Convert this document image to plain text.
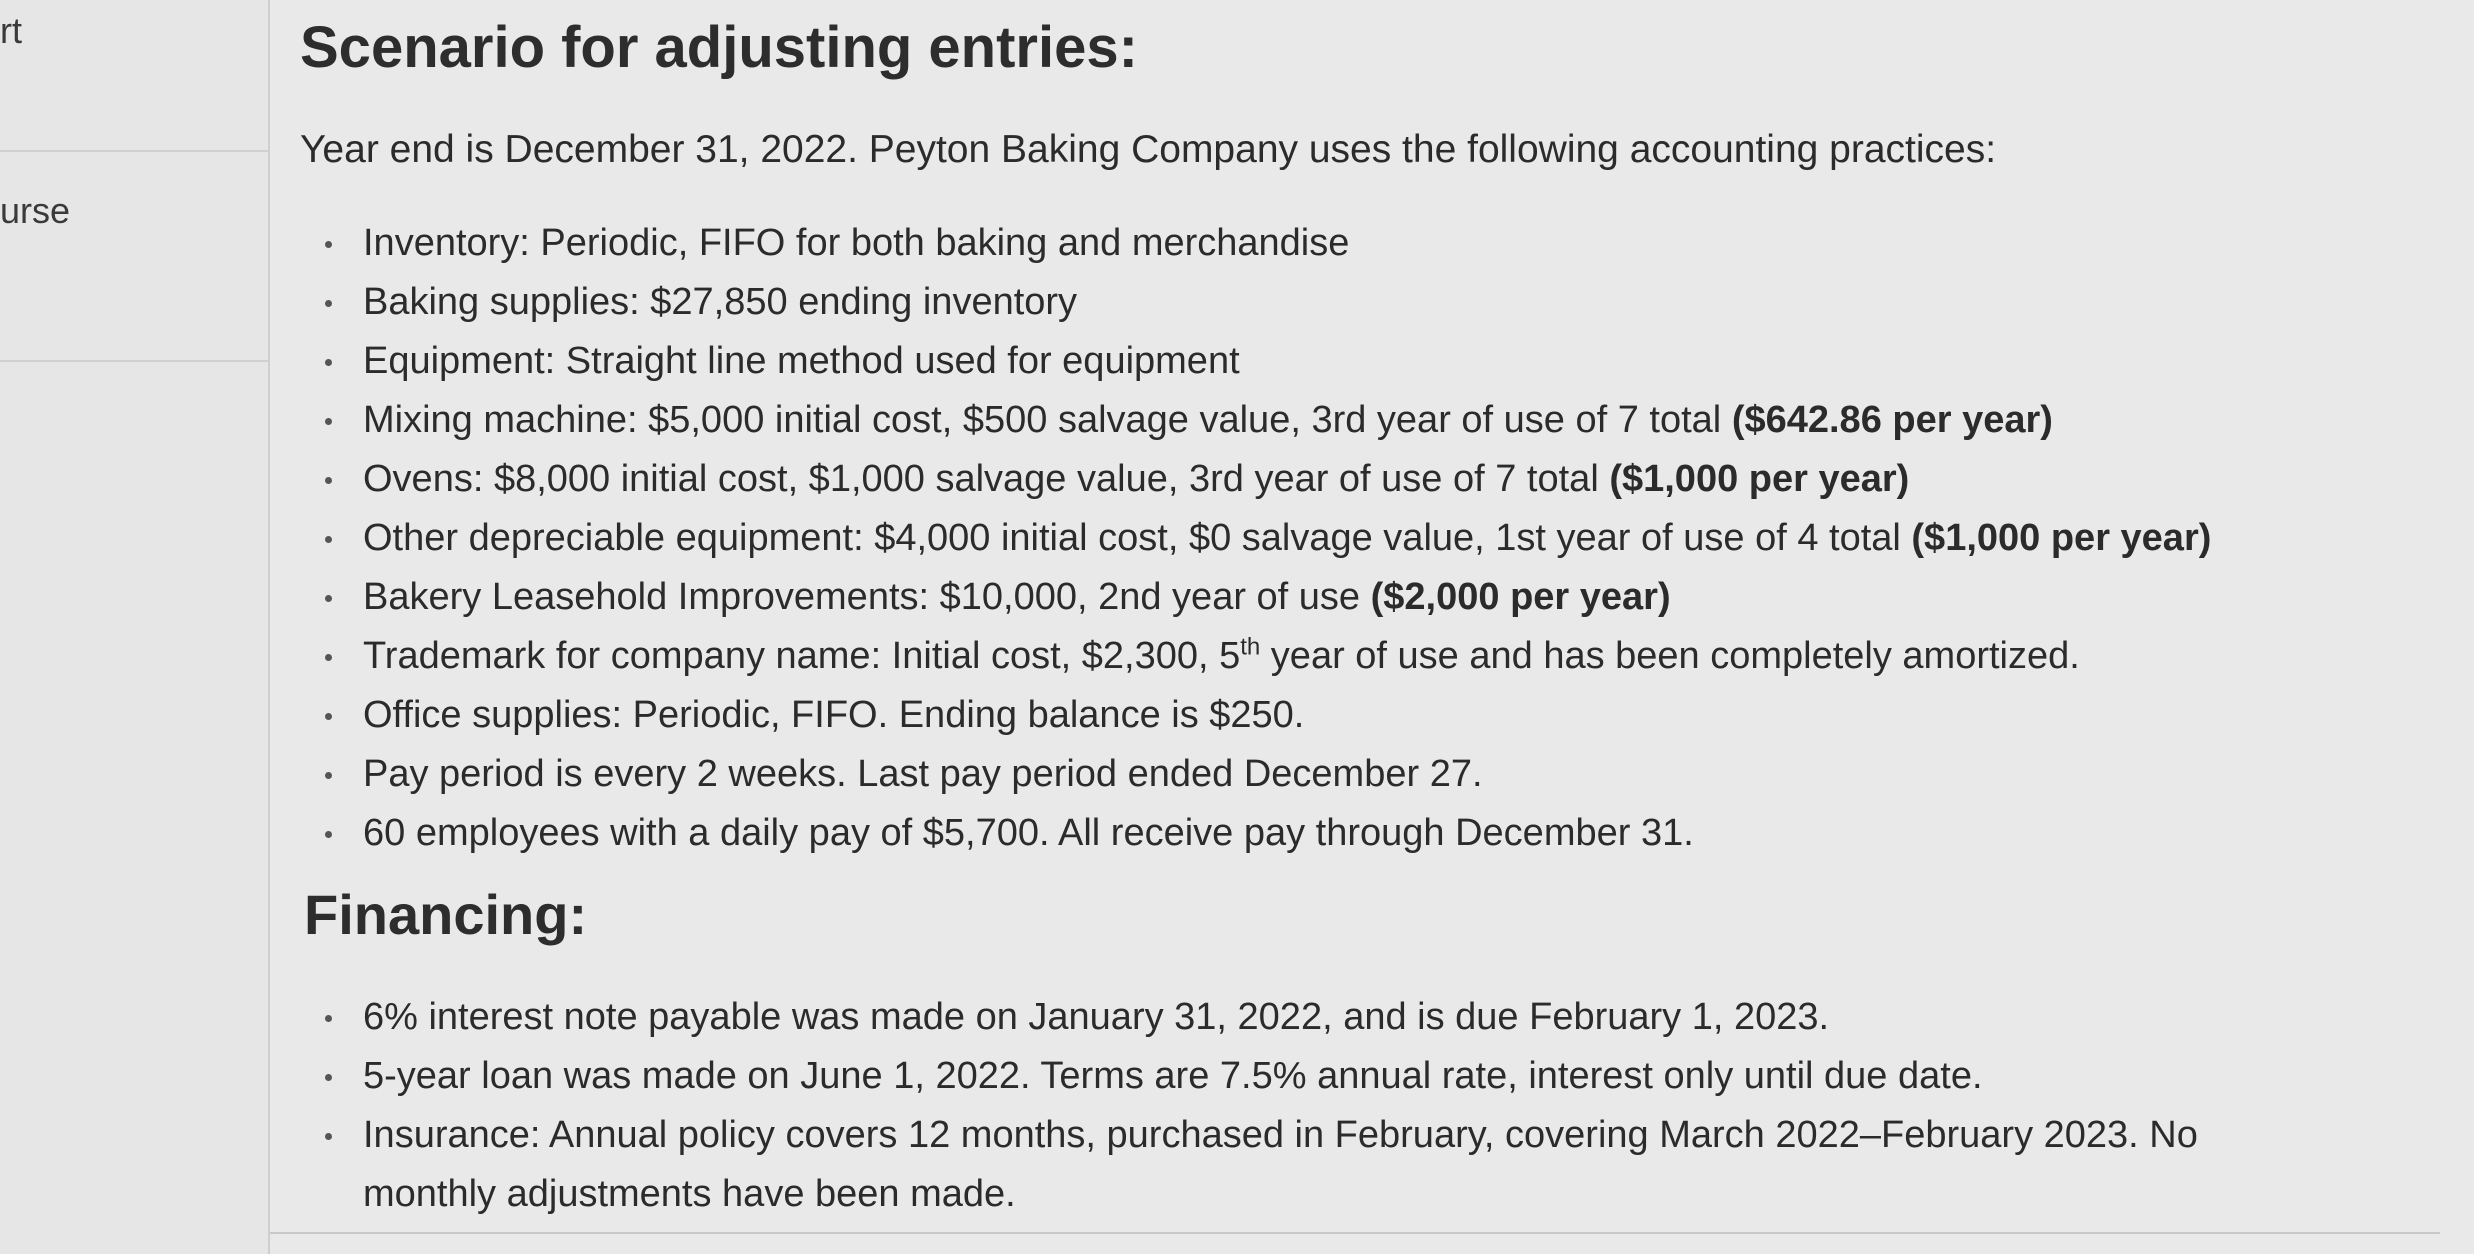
rt
urse
Scenario for adjusting entries:

Year end is December 31, 2022. Peyton Baking Company uses the following accounting practices:

Inventory: Periodic, FIFO for both baking and merchandise
Baking supplies: $27,850 ending inventory
Equipment: Straight line method used for equipment
Mixing machine: $5,000 initial cost, $500 salvage value, 3rd year of use of 7 total ($642.86 per year)
Ovens: $8,000 initial cost, $1,000 salvage value, 3rd year of use of 7 total ($1,000 per year)
Other depreciable equipment: $4,000 initial cost, $0 salvage value, 1st year of use of 4 total ($1,000 per year)
Bakery Leasehold Improvements: $10,000, 2nd year of use ($2,000 per year)
Trademark for company name: Initial cost, $2,300, 5th year of use and has been completely amortized.
Office supplies: Periodic, FIFO. Ending balance is $250.
Pay period is every 2 weeks. Last pay period ended December 27.
60 employees with a daily pay of $5,700. All receive pay through December 31.
Financing:
6% interest note payable was made on January 31, 2022, and is due February 1, 2023.
5-year loan was made on June 1, 2022. Terms are 7.5% annual rate, interest only until due date.
Insurance: Annual policy covers 12 months, purchased in February, covering March 2022–February 2023. No monthly adjustments have been made.
